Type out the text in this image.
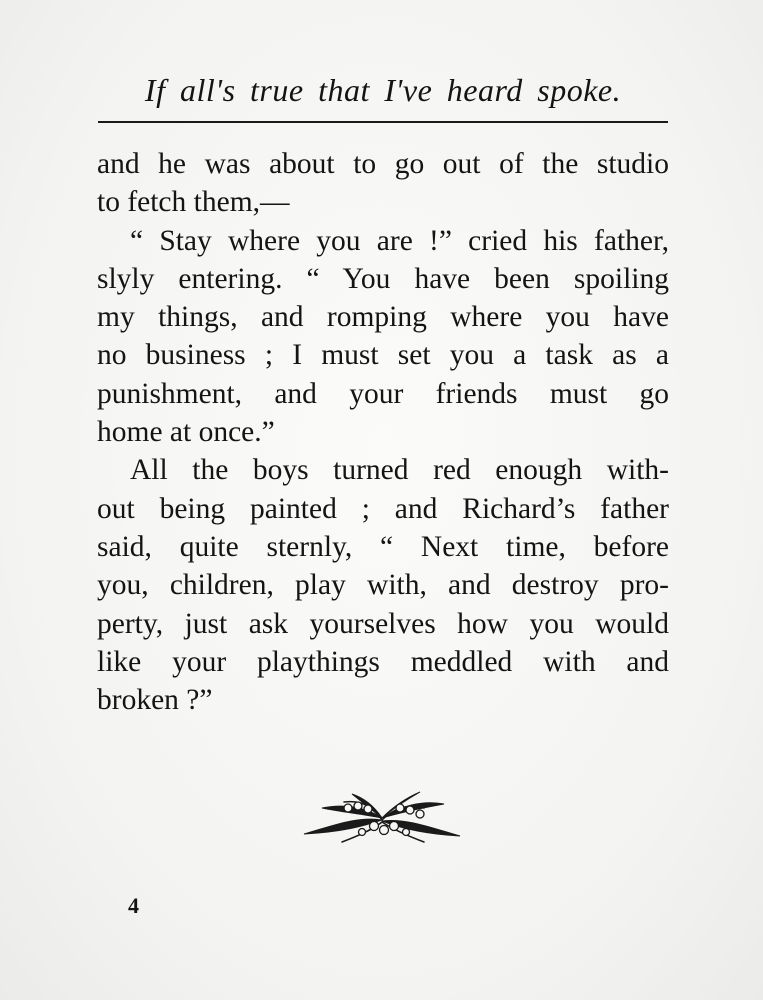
If all's true that I've heard spoke.
and he was about to go out of the studio
to fetch them,—
“ Stay where you are !” cried his father,
slyly entering. “ You have been spoiling
my things, and romping where you have
no business ; I must set you a task as a
punishment, and your friends must go
home at once.”
All the boys turned red enough with-
out being painted ; and Richard’s father
said, quite sternly, “ Next time, before
you, children, play with, and destroy pro-
perty, just ask yourselves how you would
like your playthings meddled with and
broken ?”
4
